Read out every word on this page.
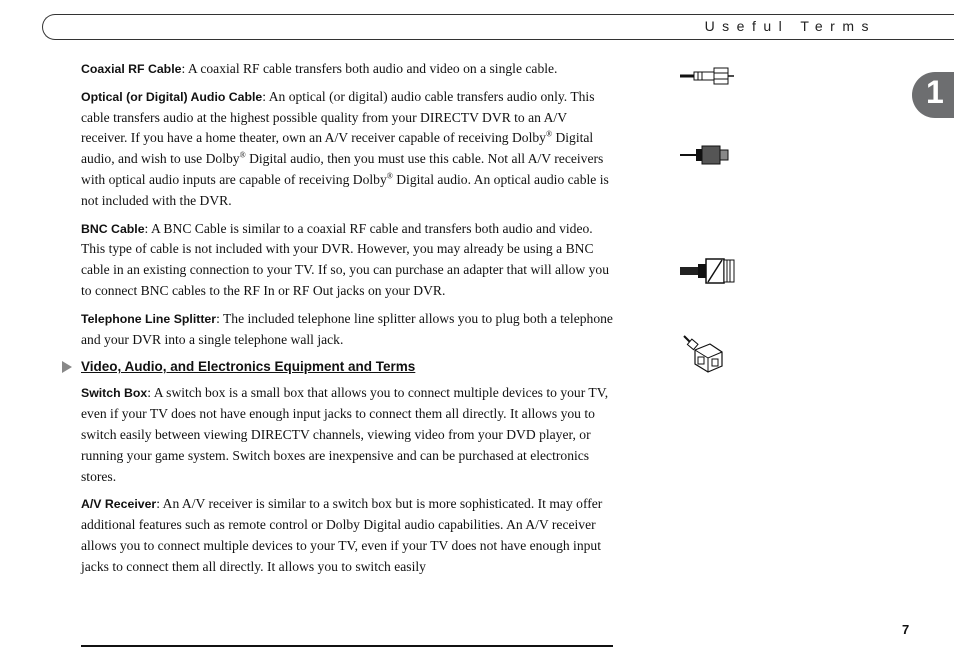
Useful Terms
1

Coaxial RF Cable: A coaxial RF cable transfers both audio and video on a single cable.

Optical (or Digital) Audio Cable: An optical (or digital) audio cable transfers audio only. This cable transfers audio at the highest possible quality from your DIRECTV DVR to an A/V receiver. If you have a home theater, own an A/V receiver capable of receiving Dolby® Digital audio, and wish to use Dolby® Digital audio, then you must use this cable. Not all A/V receivers with optical audio inputs are capable of receiving Dolby® Digital audio. An optical audio cable is not included with the DVR.

BNC Cable: A BNC Cable is similar to a coaxial RF cable and transfers both audio and video. This type of cable is not included with your DVR. However, you may already be using a BNC cable in an existing connection to your TV. If so, you can purchase an adapter that will allow you to connect BNC cables to the RF In or RF Out jacks on your DVR.

Telephone Line Splitter: The included telephone line splitter allows you to plug both a telephone and your DVR into a single telephone wall jack.

Video, Audio, and Electronics Equipment and Terms

Switch Box: A switch box is a small box that allows you to connect multiple devices to your TV, even if your TV does not have enough input jacks to connect them all directly. It allows you to switch easily between viewing DIRECTV channels, viewing video from your DVD player, or running your game system. Switch boxes are inexpensive and can be purchased at electronics stores.

A/V Receiver: An A/V receiver is similar to a switch box but is more sophisticated. It may offer additional features such as remote control or Dolby Digital audio capabilities. An A/V receiver allows you to connect multiple devices to your TV, even if your TV does not have enough input jacks to connect them all directly. It allows you to switch easily

7
